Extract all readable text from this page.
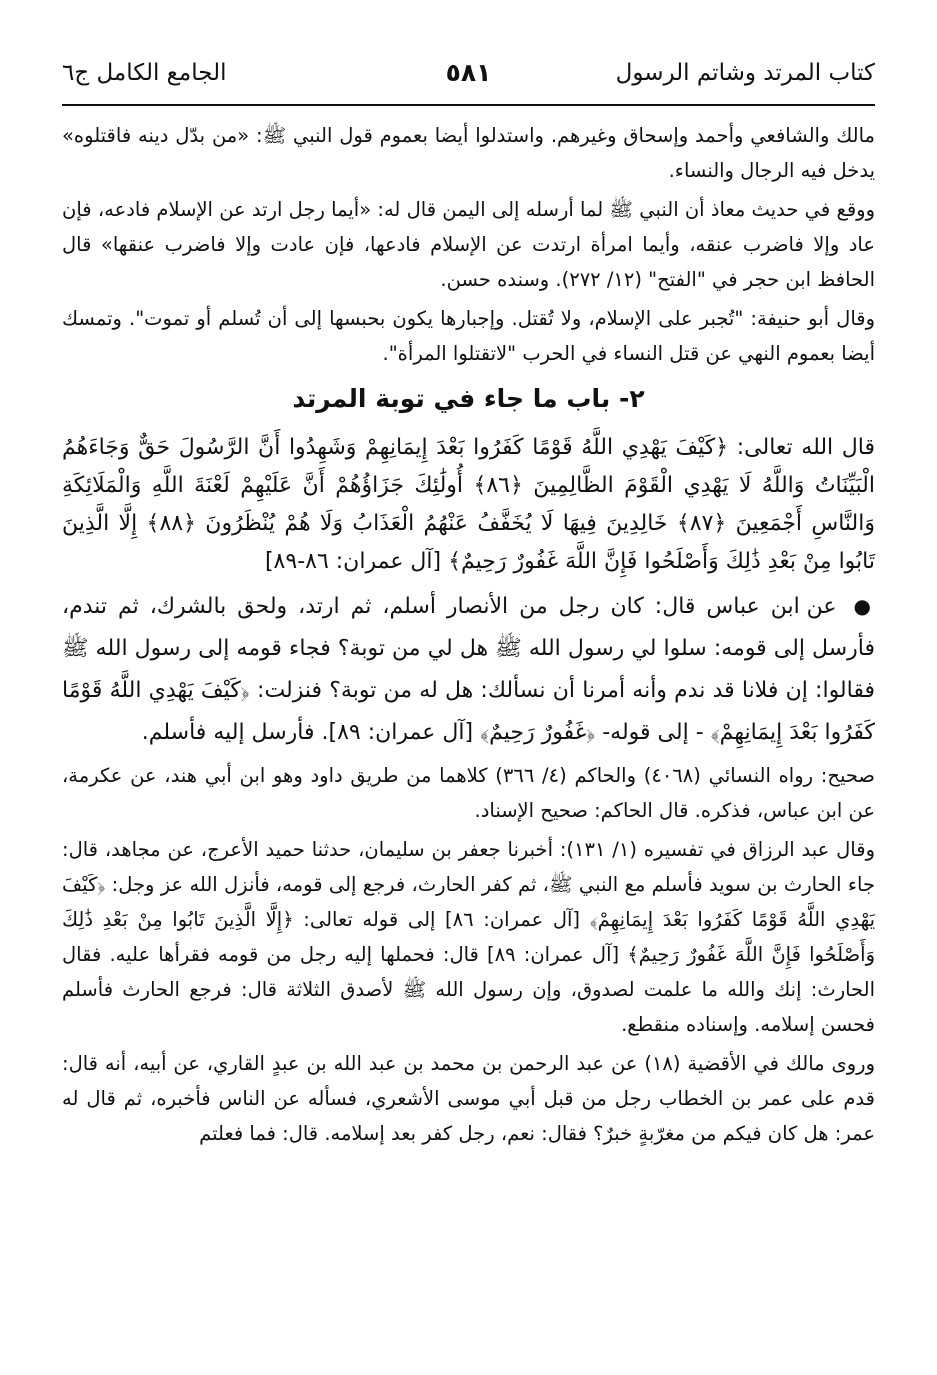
كتاب المرتد وشاتم الرسول
٥٨١
الجامع الكامل ج٦

مالك والشافعي وأحمد وإسحاق وغيرهم. واستدلوا أيضا بعموم قول النبي ﷺ: «من بدّل دينه فاقتلوه» يدخل فيه الرجال والنساء.

ووقع في حديث معاذ أن النبي ﷺ لما أرسله إلى اليمن قال له: «أيما رجل ارتد عن الإسلام فادعه، فإن عاد وإلا فاضرب عنقه، وأيما امرأة ارتدت عن الإسلام فادعها، فإن عادت وإلا فاضرب عنقها» قال الحافظ ابن حجر في "الفتح" (١٢/ ٢٧٢). وسنده حسن.

وقال أبو حنيفة: "تُجبر على الإسلام، ولا تُقتل. وإجبارها يكون بحبسها إلى أن تُسلم أو تموت". وتمسك أيضا بعموم النهي عن قتل النساء في الحرب "لاتقتلوا المرأة".

٢- باب ما جاء في توبة المرتد

قال الله تعالى: ﴿كَيْفَ يَهْدِي اللَّهُ قَوْمًا كَفَرُوا بَعْدَ إِيمَانِهِمْ وَشَهِدُوا أَنَّ الرَّسُولَ حَقٌّ وَجَاءَهُمُ الْبَيِّنَاتُ وَاللَّهُ لَا يَهْدِي الْقَوْمَ الظَّالِمِينَ ﴿٨٦﴾ أُولَٰئِكَ جَزَاؤُهُمْ أَنَّ عَلَيْهِمْ لَعْنَةَ اللَّهِ وَالْمَلَائِكَةِ وَالنَّاسِ أَجْمَعِينَ ﴿٨٧﴾ خَالِدِينَ فِيهَا لَا يُخَفَّفُ عَنْهُمُ الْعَذَابُ وَلَا هُمْ يُنْظَرُونَ ﴿٨٨﴾ إِلَّا الَّذِينَ تَابُوا مِنْ بَعْدِ ذَٰلِكَ وَأَصْلَحُوا فَإِنَّ اللَّهَ غَفُورٌ رَحِيمٌ﴾ [آل عمران: ٨٦-٨٩]

● عن ابن عباس قال: كان رجل من الأنصار أسلم، ثم ارتد، ولحق بالشرك، ثم تندم، فأرسل إلى قومه: سلوا لي رسول الله ﷺ هل لي من توبة؟ فجاء قومه إلى رسول الله ﷺ فقالوا: إن فلانا قد ندم وأنه أمرنا أن نسألك: هل له من توبة؟ فنزلت: ﴿كَيْفَ يَهْدِي اللَّهُ قَوْمًا كَفَرُوا بَعْدَ إِيمَانِهِمْ﴾ - إلى قوله- ﴿غَفُورٌ رَحِيمٌ﴾ [آل عمران: ٨٩]. فأرسل إليه فأسلم.

صحيح: رواه النسائي (٤٠٦٨) والحاكم (٤/ ٣٦٦) كلاهما من طريق داود وهو ابن أبي هند، عن عكرمة، عن ابن عباس، فذكره. قال الحاكم: صحيح الإسناد.

وقال عبد الرزاق في تفسيره (١/ ١٣١): أخبرنا جعفر بن سليمان، حدثنا حميد الأعرج، عن مجاهد، قال: جاء الحارث بن سويد فأسلم مع النبي ﷺ، ثم كفر الحارث، فرجع إلى قومه، فأنزل الله عز وجل: ﴿كَيْفَ يَهْدِي اللَّهُ قَوْمًا كَفَرُوا بَعْدَ إِيمَانِهِمْ﴾ [آل عمران: ٨٦] إلى قوله تعالى: ﴿إِلَّا الَّذِينَ تَابُوا مِنْ بَعْدِ ذَٰلِكَ وَأَصْلَحُوا فَإِنَّ اللَّهَ غَفُورٌ رَحِيمٌ﴾ [آل عمران: ٨٩] قال: فحملها إليه رجل من قومه فقرأها عليه. فقال الحارث: إنك والله ما علمت لصدوق، وإن رسول الله ﷺ لأصدق الثلاثة قال: فرجع الحارث فأسلم فحسن إسلامه. وإسناده منقطع.

وروى مالك في الأقضية (١٨) عن عبد الرحمن بن محمد بن عبد الله بن عبدٍ القاري، عن أبيه، أنه قال: قدم على عمر بن الخطاب رجل من قبل أبي موسى الأشعري، فسأله عن الناس فأخبره، ثم قال له عمر: هل كان فيكم من مغرّبةٍ خبرٌ؟ فقال: نعم، رجل كفر بعد إسلامه. قال: فما فعلتم
